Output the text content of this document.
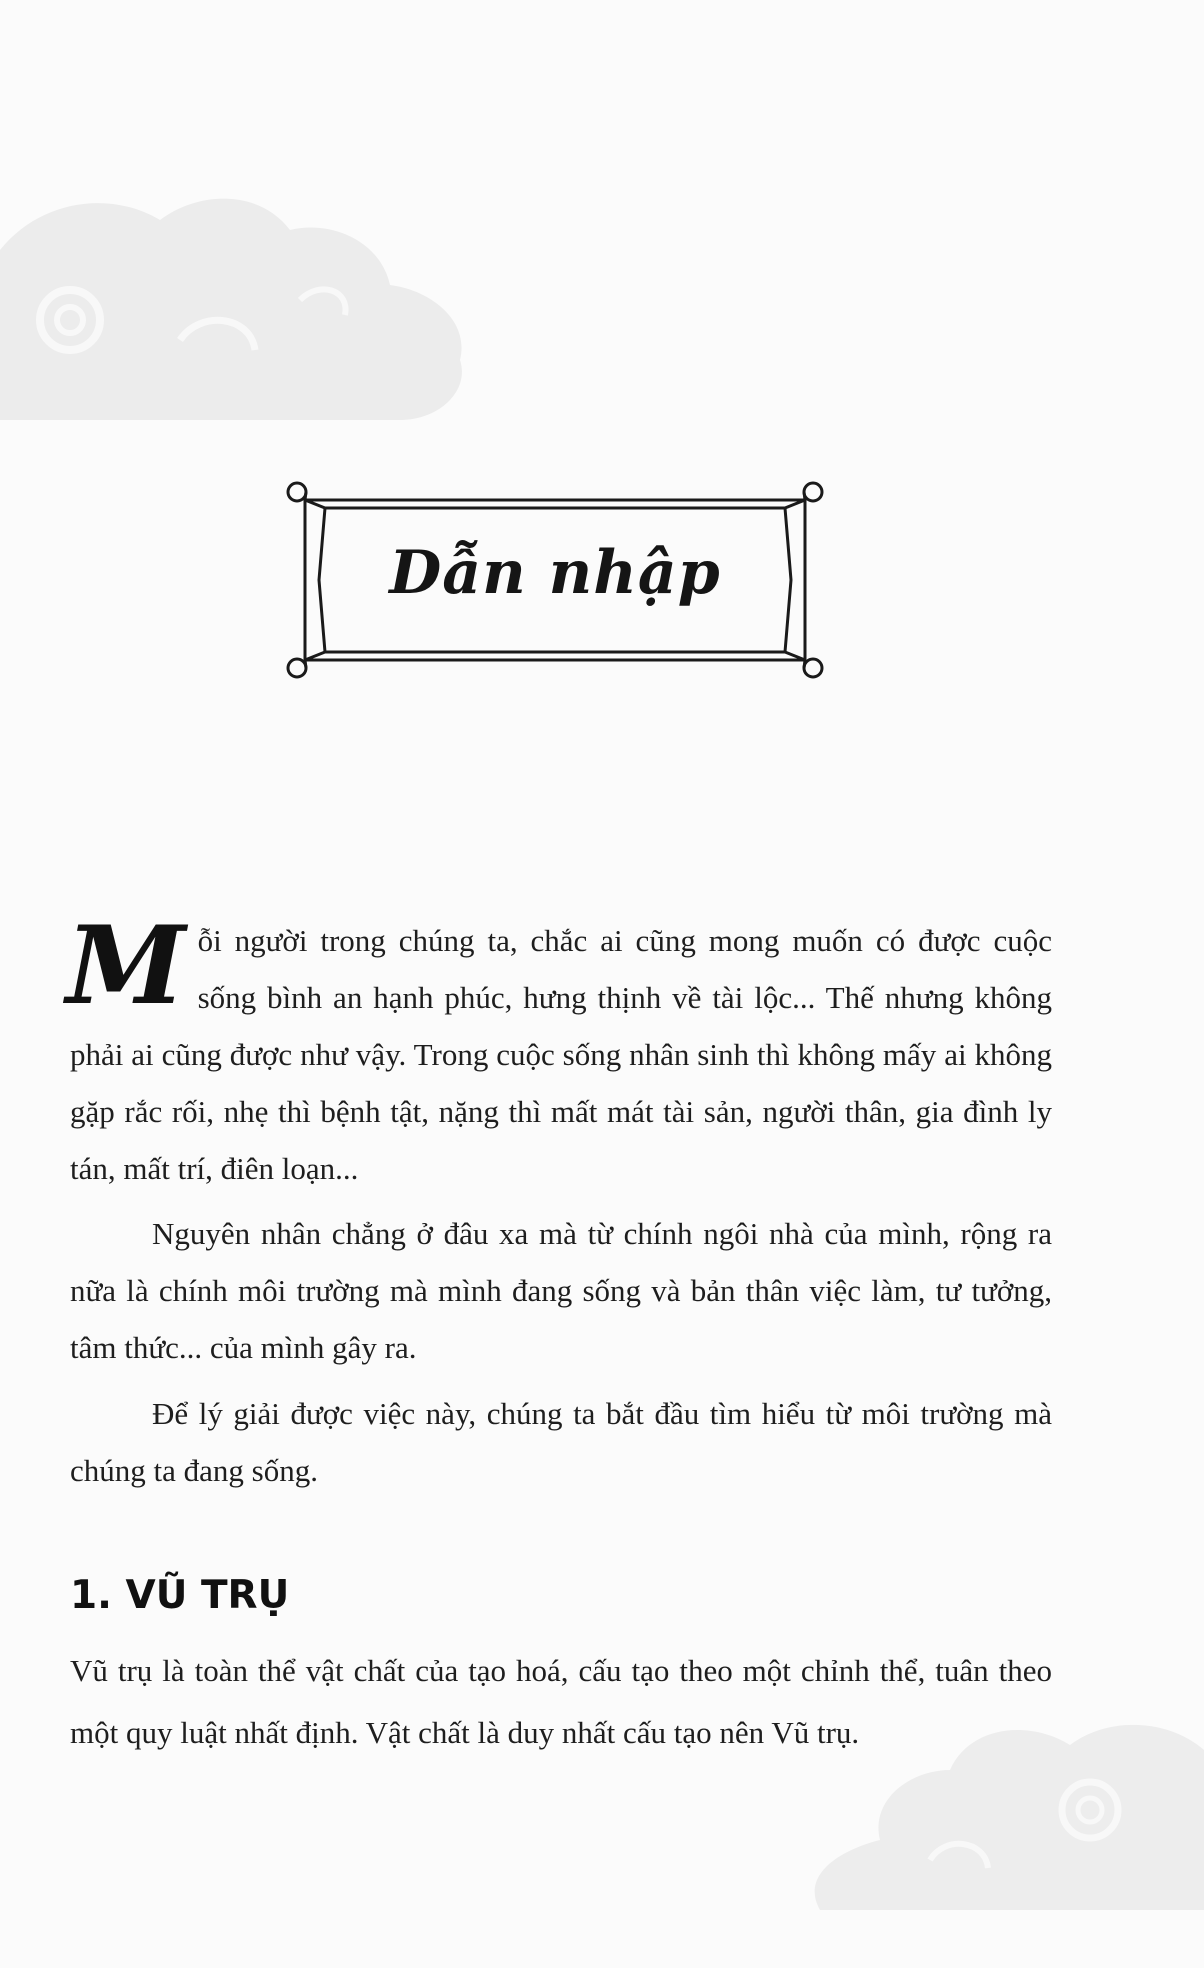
Dẫn nhập

Mỗi người trong chúng ta, chắc ai cũng mong muốn có được cuộc sống bình an hạnh phúc, hưng thịnh về tài lộc... Thế nhưng không phải ai cũng được như vậy. Trong cuộc sống nhân sinh thì không mấy ai không gặp rắc rối, nhẹ thì bệnh tật, nặng thì mất mát tài sản, người thân, gia đình ly tán, mất trí, điên loạn...

Nguyên nhân chẳng ở đâu xa mà từ chính ngôi nhà của mình, rộng ra nữa là chính môi trường mà mình đang sống và bản thân việc làm, tư tưởng, tâm thức... của mình gây ra.

Để lý giải được việc này, chúng ta bắt đầu tìm hiểu từ môi trường mà chúng ta đang sống.

1. VŨ TRỤ

Vũ trụ là toàn thể vật chất của tạo hoá, cấu tạo theo một chỉnh thể, tuân theo một quy luật nhất định. Vật chất là duy nhất cấu tạo nên Vũ trụ.
